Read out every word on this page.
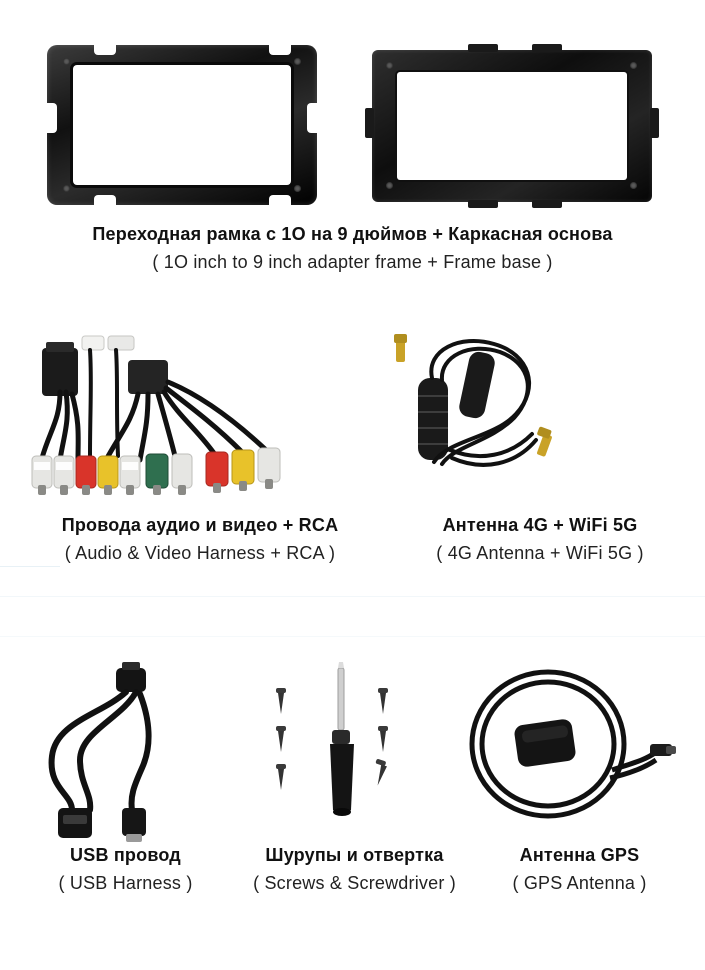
Переходная рамка с 1O на 9 дюймов + Каркасная основа
( 1O inch to 9 inch adapter frame + Frame base )
Провода аудио и видео + RCA
( Audio & Video Harness + RCA )
Антенна 4G + WiFi 5G
( 4G Antenna + WiFi 5G )
USB провод
( USB Harness )
Шурупы и отвертка
( Screws & Screwdriver )
Антенна GPS
( GPS Antenna )
